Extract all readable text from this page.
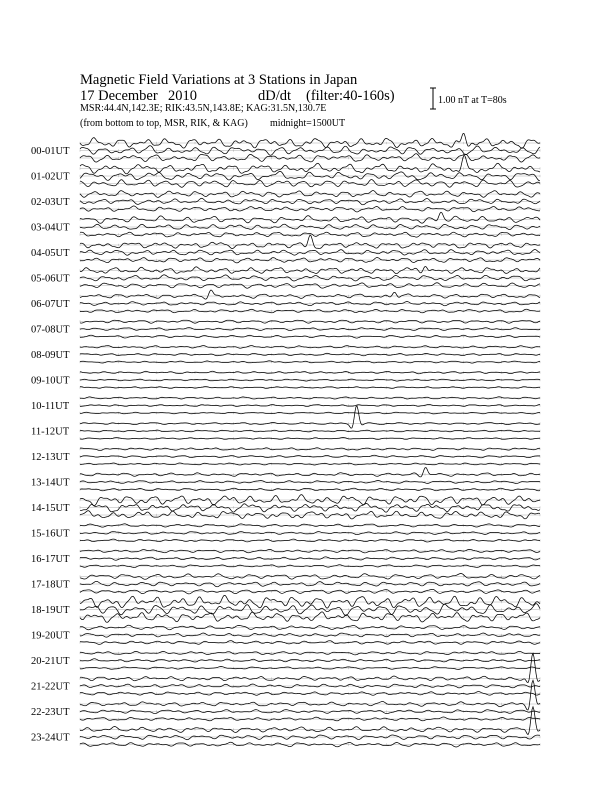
00-01UT
01-02UT
02-03UT
03-04UT
04-05UT
05-06UT
06-07UT
07-08UT
08-09UT
09-10UT
10-11UT
11-12UT
12-13UT
13-14UT
14-15UT
15-16UT
16-17UT
17-18UT
18-19UT
19-20UT
20-21UT
21-22UT
22-23UT
23-24UT
Magnetic Field Variations at 3 Stations in Japan
17 December 2010	dD/dt (filter:40-160s)
MSR:44.4N,142.3E; RIK:43.5N,143.8E; KAG:31.5N,130.7E
(from bottom to top, MSR, RIK, & KAG) midnight=1500UT
1.00 nT at T=80s
